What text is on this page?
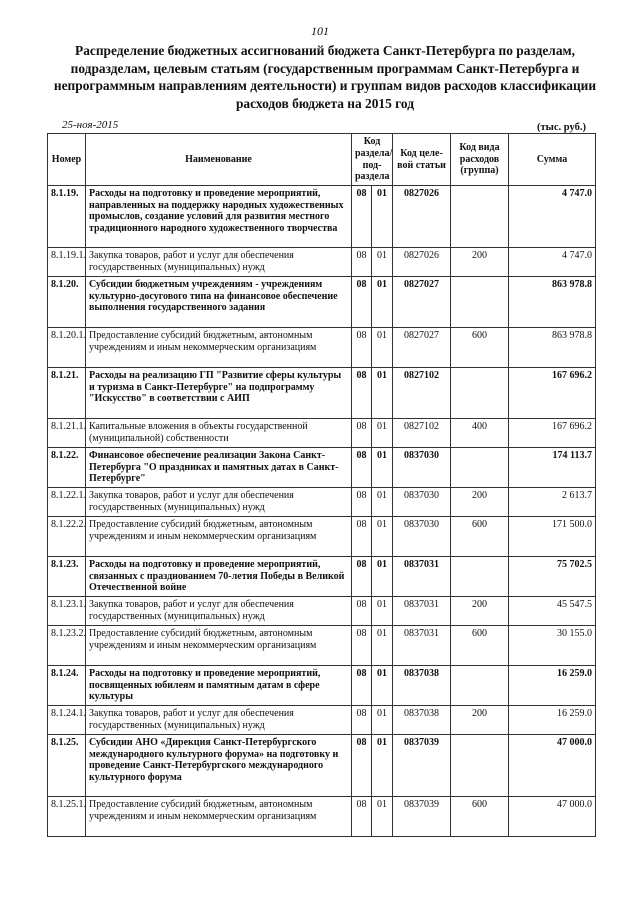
101
Распределение бюджетных ассигнований бюджета Санкт-Петербурга по разделам, подразделам, целевым статьям (государственным программам Санкт-Петербурга и непрограммным направлениям деятельности) и группам видов расходов классификации расходов бюджета на 2015 год
25-ноя-2015	(тыс. руб.)
Номер	Наименование	Код раздела/ под- раздела		Код целе- вой статьи	Код вида расходов (группа)	Сумма
8.1.19.	Расходы на подготовку и проведение мероприятий, направленных на поддержку народных художественных промыслов, создание условий для развития местного традиционного народного художественного творчества	08	01	0827026		4 747.0
8.1.19.1.	Закупка товаров, работ и услуг для обеспечения государственных (муниципальных) нужд	08	01	0827026	200	4 747.0
8.1.20.	Субсидии бюджетным учреждениям - учреждениям культурно-досугового типа на финансовое обеспечение выполнения государственного задания	08	01	0827027		863 978.8
8.1.20.1.	Предоставление субсидий бюджетным, автономным учреждениям и иным некоммерческим организациям	08	01	0827027	600	863 978.8
8.1.21.	Расходы на реализацию ГП "Развитие сферы культуры и туризма в Санкт-Петербурге" на подпрограмму "Искусство" в соответствии с АИП	08	01	0827102		167 696.2
8.1.21.1.	Капитальные вложения в объекты государственной (муниципальной) собственности	08	01	0827102	400	167 696.2
8.1.22.	Финансовое обеспечение реализации Закона Санкт-Петербурга "О праздниках и памятных датах в Санкт-Петербурге"	08	01	0837030		174 113.7
8.1.22.1.	Закупка товаров, работ и услуг для обеспечения государственных (муниципальных) нужд	08	01	0837030	200	2 613.7
8.1.22.2.	Предоставление субсидий бюджетным, автономным учреждениям и иным некоммерческим организациям	08	01	0837030	600	171 500.0
8.1.23.	Расходы на подготовку и проведение мероприятий, связанных с празднованием 70-летия Победы в Великой Отечественной войне	08	01	0837031		75 702.5
8.1.23.1.	Закупка товаров, работ и услуг для обеспечения государственных (муниципальных) нужд	08	01	0837031	200	45 547.5
8.1.23.2.	Предоставление субсидий бюджетным, автономным учреждениям и иным некоммерческим организациям	08	01	0837031	600	30 155.0
8.1.24.	Расходы на подготовку и проведение мероприятий, посвященных юбилеям и памятным датам в сфере культуры	08	01	0837038		16 259.0
8.1.24.1.	Закупка товаров, работ и услуг для обеспечения государственных (муниципальных) нужд	08	01	0837038	200	16 259.0
8.1.25.	Субсидии АНО «Дирекция Санкт-Петербургского международного культурного форума» на подготовку и проведение Санкт-Петербургского международного культурного форума	08	01	0837039		47 000.0
8.1.25.1.	Предоставление субсидий бюджетным, автономным учреждениям и иным некоммерческим организациям	08	01	0837039	600	47 000.0
